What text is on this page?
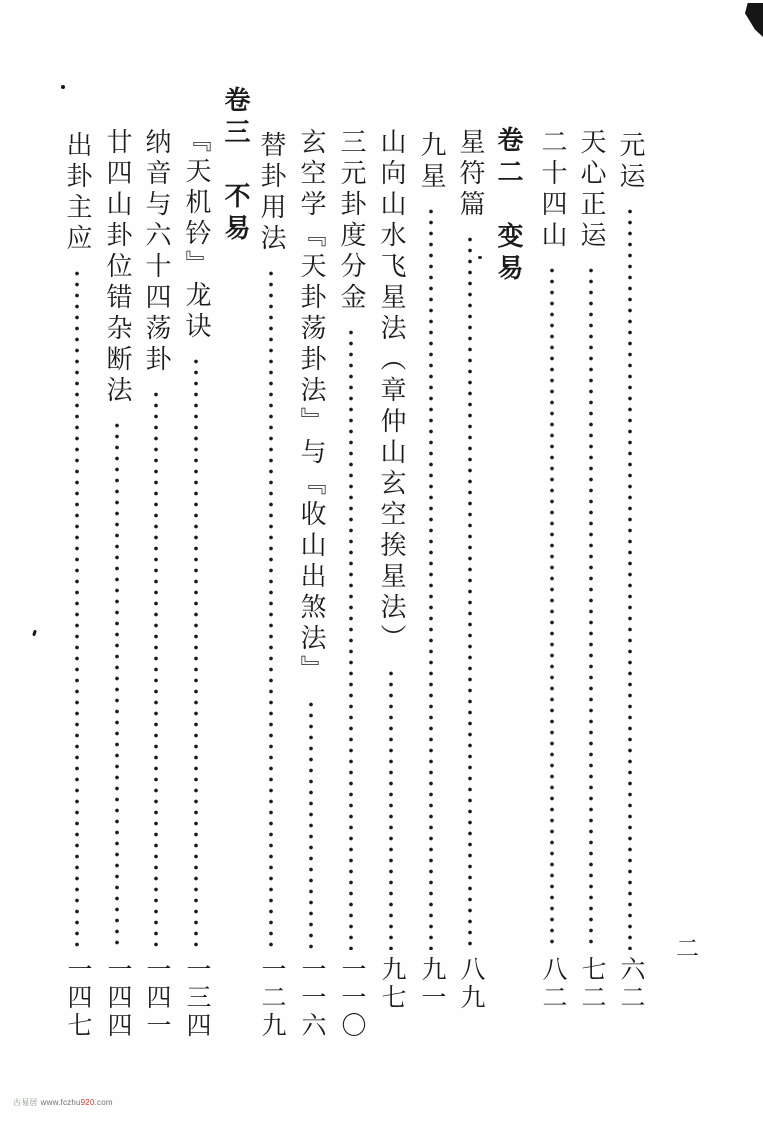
元运
六二
天心正运
七二
二十四山
八二
卷二　变易
星符篇
八九
九星
九一
山向山水飞星法（章仲山玄空挨星法）
九七
三元卦度分金
一一〇
玄空学『天卦荡卦法』与『收山出煞法』
一一六
替卦用法
一二九
卷三　不易
『天机钤』龙诀
一三四
纳音与六十四荡卦
一四一
廿四山卦位错杂断法
一四四
出卦主应
一四七
二
古易居 www.fczhu920.com
